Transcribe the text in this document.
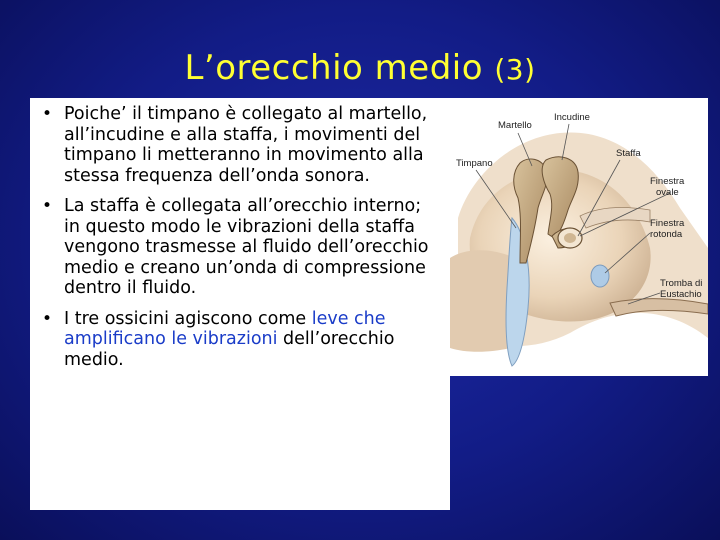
L’orecchio medio (3)
• Poiche’ il timpano è collegato al martello, all’incudine e alla staffa, i movimenti del timpano li metteranno in movimento alla stessa frequenza dell’onda sonora.
• La staffa è collegata all’orecchio interno; in questo modo le vibrazioni della staffa vengono trasmesse al fluido dell’orecchio medio e creano un’onda di compressione dentro il fluido.
• I tre ossicini agiscono come leve che amplificano le vibrazioni dell’orecchio medio.
Martello
Incudine
Timpano
Staffa
Finestra
ovale
Finestra
rotonda
Tromba di
Eustachio
